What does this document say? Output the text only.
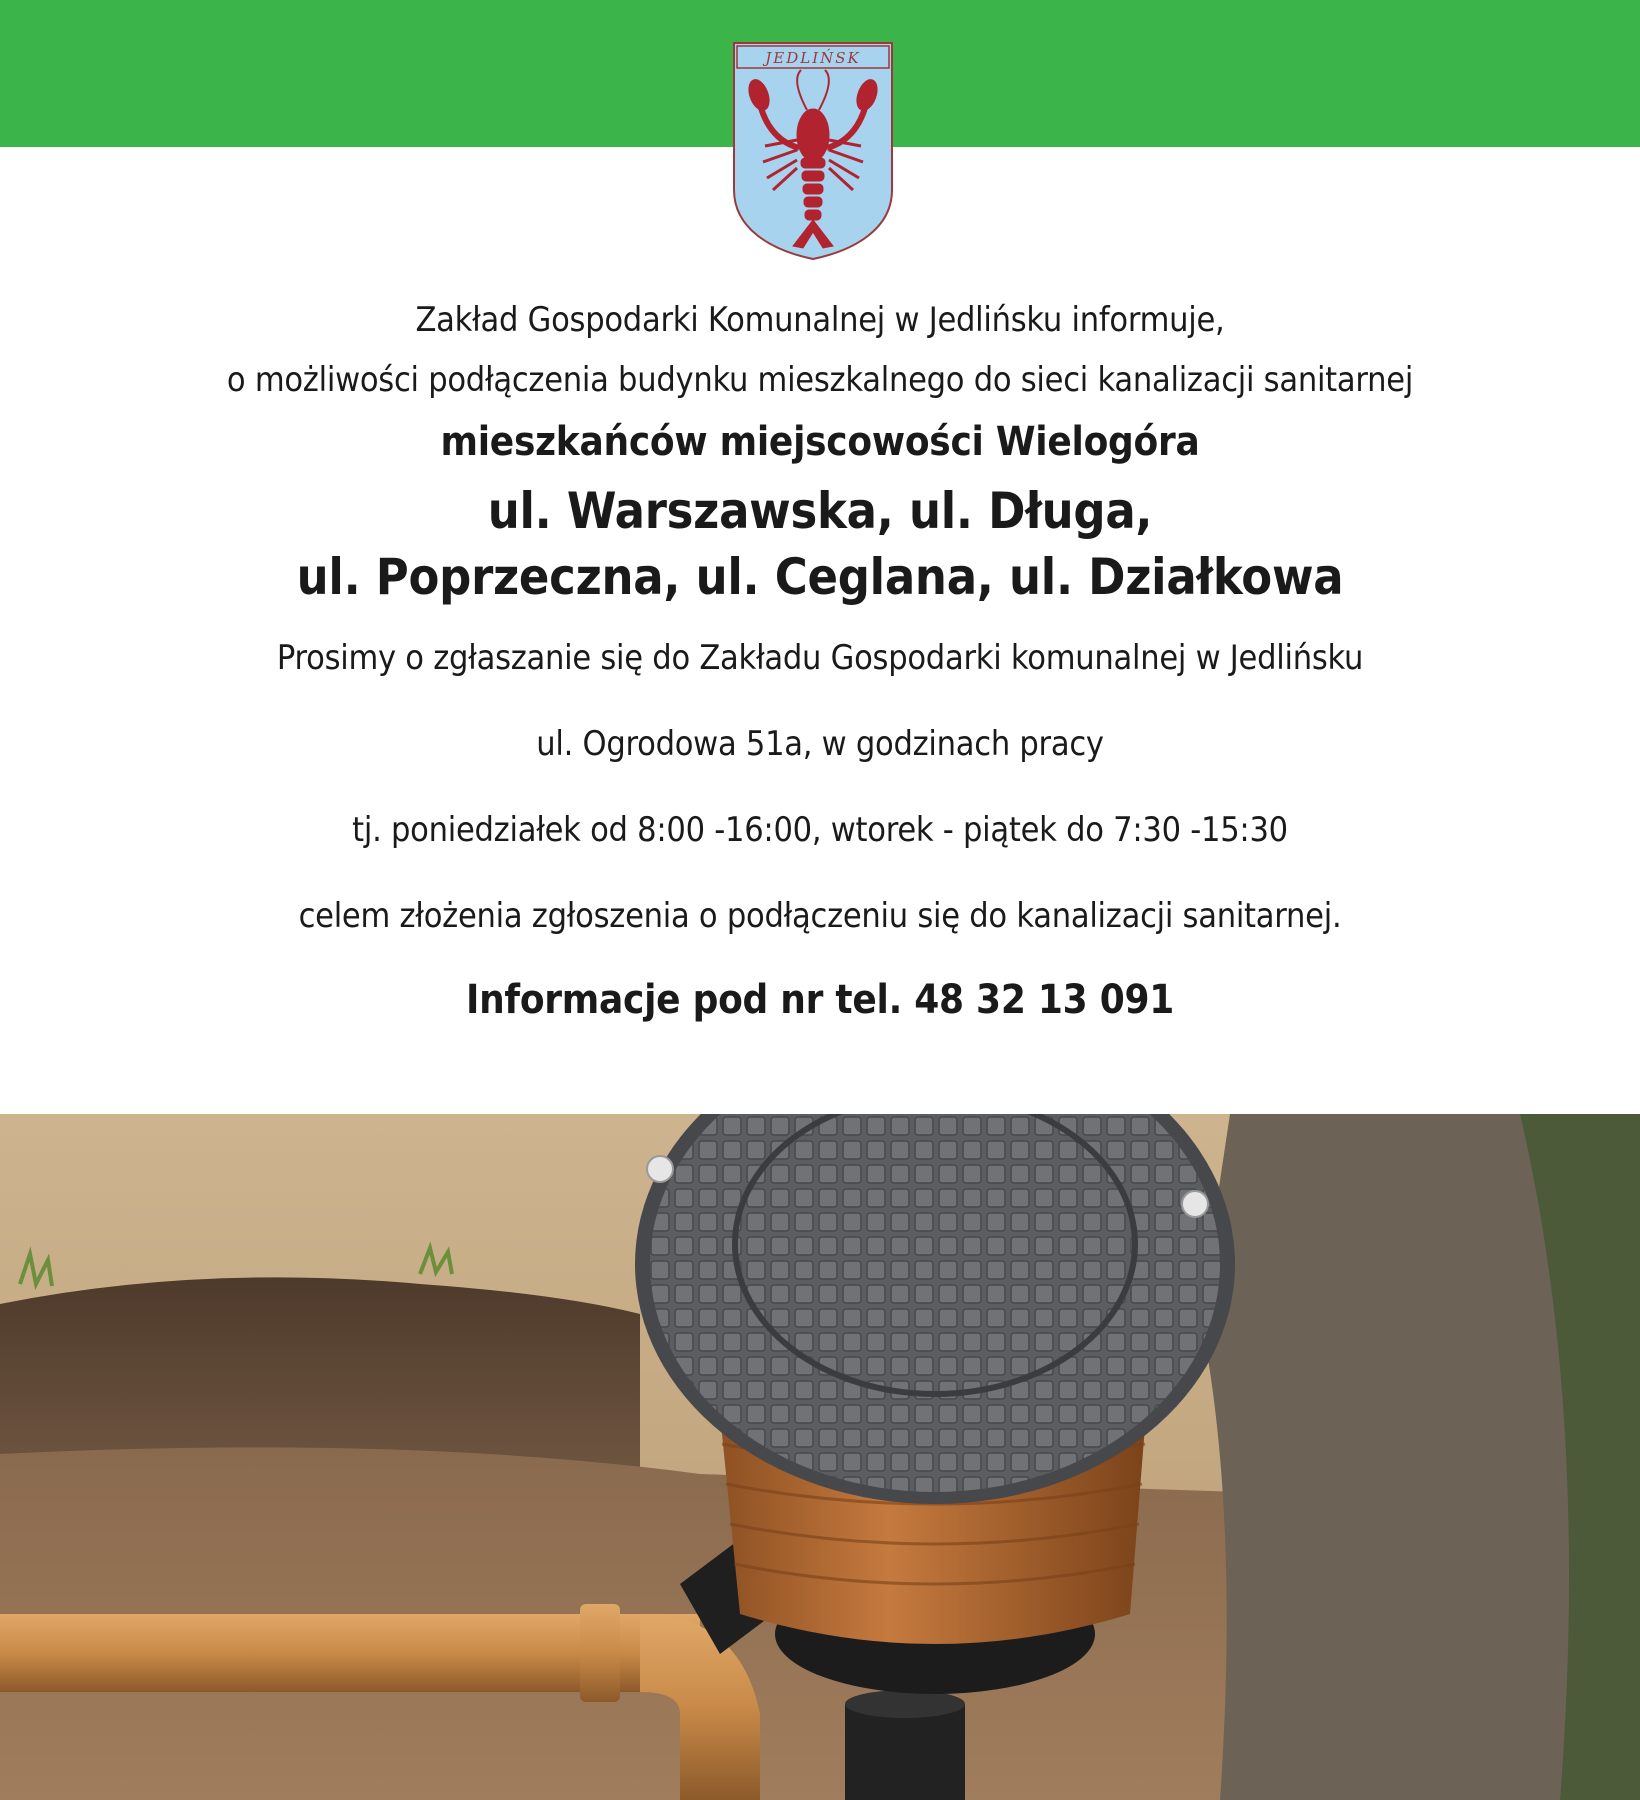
JEDLIŃSK
Zakład Gospodarki Komunalnej w Jedlińsku informuje,
o możliwości podłączenia budynku mieszkalnego do sieci kanalizacji sanitarnej
mieszkańców miejscowości Wielogóra
ul. Warszawska, ul. Długa,
ul. Poprzeczna, ul. Ceglana, ul. Działkowa
Prosimy o zgłaszanie się do Zakładu Gospodarki komunalnej w Jedlińsku
ul. Ogrodowa 51a, w godzinach pracy
tj. poniedziałek od 8:00 -16:00, wtorek - piątek do 7:30 -15:30
celem złożenia zgłoszenia o podłączeniu się do kanalizacji sanitarnej.
Informacje pod nr tel. 48 32 13 091
